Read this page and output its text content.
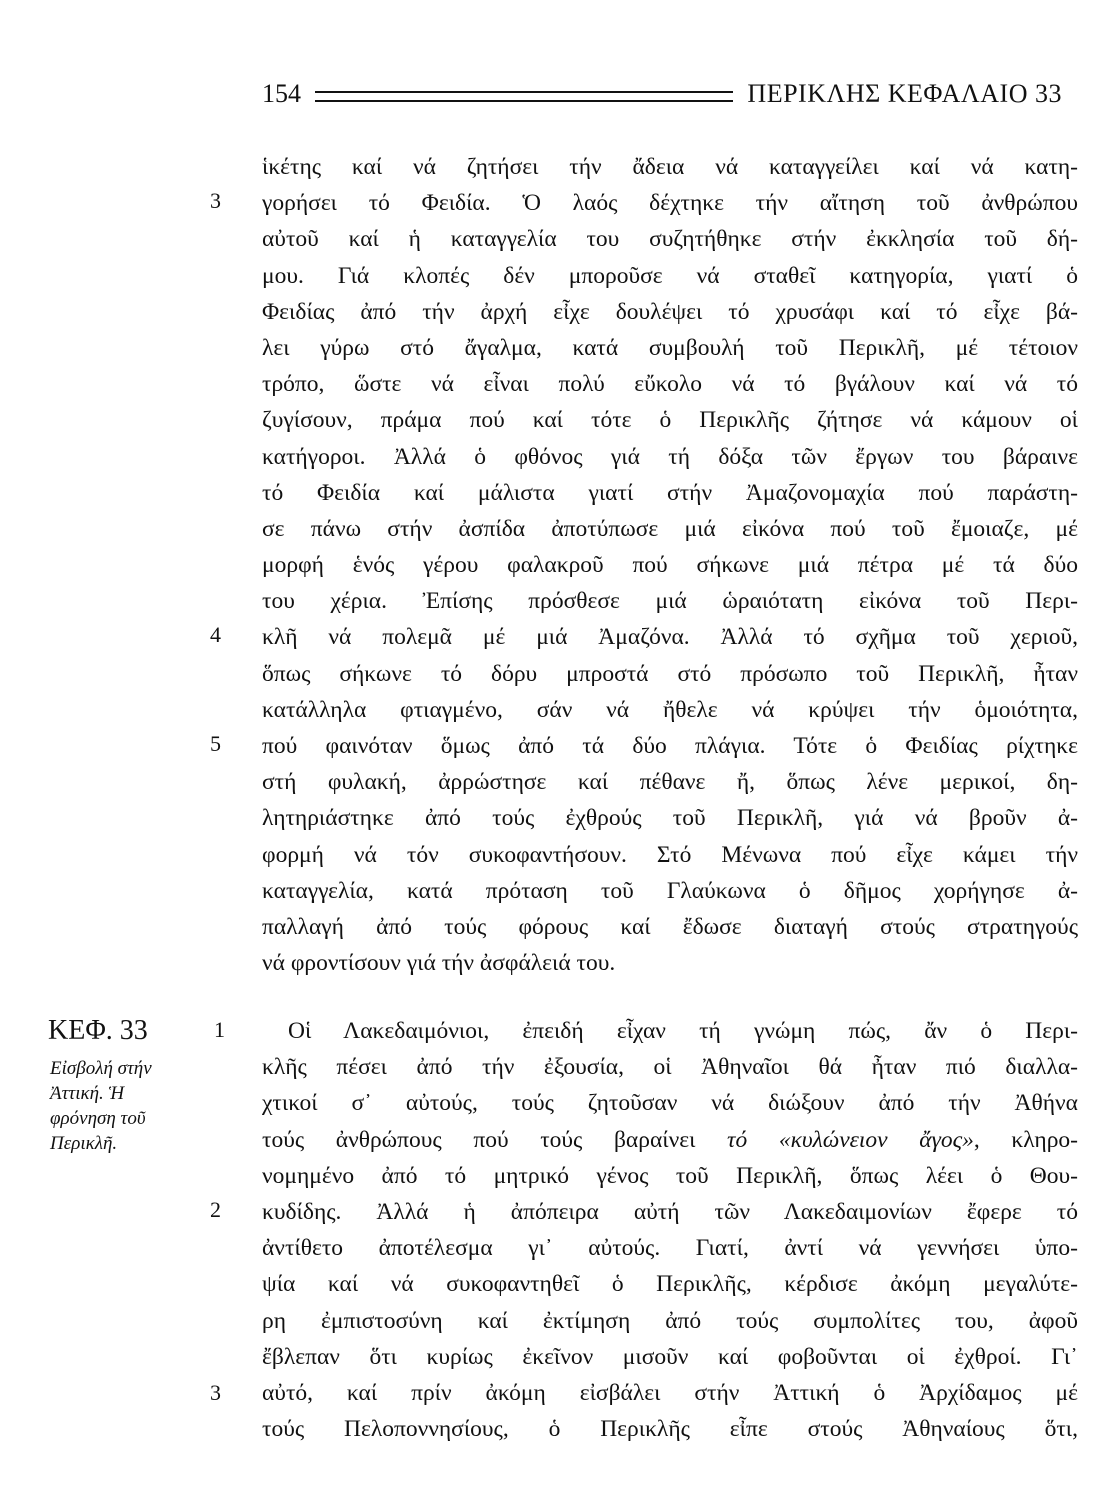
154	ΠΕΡΙΚΛΗΣ ΚΕΦΑΛΑΙΟ 33
ἱκέτης καί νά ζητήσει τήν ἄδεια νά καταγγείλει καί νά κατη-
γορήσει τό Φειδία. Ὁ λαός δέχτηκε τήν αἴτηση τοῦ ἀνθρώπου
αὐτοῦ καί ἡ καταγγελία του συζητήθηκε στήν ἐκκλησία τοῦ δή-
μου. Γιά κλοπές δέν μποροῦσε νά σταθεῖ κατηγορία, γιατί ὁ
Φειδίας ἀπό τήν ἀρχή εἶχε δουλέψει τό χρυσάφι καί τό εἶχε βά-
λει γύρω στό ἄγαλμα, κατά συμβουλή τοῦ Περικλῆ, μέ τέτοιον
τρόπο, ὥστε νά εἶναι πολύ εὔκολο νά τό βγάλουν καί νά τό
ζυγίσουν, πράμα πού καί τότε ὁ Περικλῆς ζήτησε νά κάμουν οἱ
κατήγοροι. Ἀλλά ὁ φθόνος γιά τή δόξα τῶν ἔργων του βάραινε
τό Φειδία καί μάλιστα γιατί στήν Ἀμαζονομαχία πού παράστη-
σε πάνω στήν ἀσπίδα ἀποτύπωσε μιά εἰκόνα πού τοῦ ἔμοιαζε, μέ
μορφή ἑνός γέρου φαλακροῦ πού σήκωνε μιά πέτρα μέ τά δύο
του χέρια. Ἐπίσης πρόσθεσε μιά ὡραιότατη εἰκόνα τοῦ Περι-
κλῆ νά πολεμᾶ μέ μιά Ἀμαζόνα. Ἀλλά τό σχῆμα τοῦ χεριοῦ,
ὅπως σήκωνε τό δόρυ μπροστά στό πρόσωπο τοῦ Περικλῆ, ἦταν
κατάλληλα φτιαγμένο, σάν νά ἤθελε νά κρύψει τήν ὁμοιότητα,
πού φαινόταν ὅμως ἀπό τά δύο πλάγια. Τότε ὁ Φειδίας ρίχτηκε
στή φυλακή, ἀρρώστησε καί πέθανε ἤ, ὅπως λένε μερικοί, δη-
λητηριάστηκε ἀπό τούς ἐχθρούς τοῦ Περικλῆ, γιά νά βροῦν ἀ-
φορμή νά τόν συκοφαντήσουν. Στό Μένωνα πού εἶχε κάμει τήν
καταγγελία, κατά πρόταση τοῦ Γλαύκωνα ὁ δῆμος χορήγησε ἀ-
παλλαγή ἀπό τούς φόρους καί ἔδωσε διαταγή στούς στρατηγούς
νά φροντίσουν γιά τήν ἀσφάλειά του.
3
4
5
ΚΕΦ. 33
Εἰσβολή στήν
Ἀττική. Ἡ
φρόνηση τοῦ
Περικλῆ.
Οἱ Λακεδαιμόνιοι, ἐπειδή εἶχαν τή γνώμη πώς, ἄν ὁ Περι-
κλῆς πέσει ἀπό τήν ἐξουσία, οἱ Ἀθηναῖοι θά ἦταν πιό διαλλα-
χτικοί σ᾽ αὐτούς, τούς ζητοῦσαν νά διώξουν ἀπό τήν Ἀθήνα
τούς ἀνθρώπους πού τούς βαραίνει τό «κυλώνειον ἄγος», κληρο-
νομημένο ἀπό τό μητρικό γένος τοῦ Περικλῆ, ὅπως λέει ὁ Θου-
κυδίδης. Ἀλλά ἡ ἀπόπειρα αὐτή τῶν Λακεδαιμονίων ἔφερε τό
ἀντίθετο ἀποτέλεσμα γι᾽ αὐτούς. Γιατί, ἀντί νά γεννήσει ὑπο-
ψία καί νά συκοφαντηθεῖ ὁ Περικλῆς, κέρδισε ἀκόμη μεγαλύτε-
ρη ἐμπιστοσύνη καί ἐκτίμηση ἀπό τούς συμπολίτες του, ἀφοῦ
ἔβλεπαν ὅτι κυρίως ἐκεῖνον μισοῦν καί φοβοῦνται οἱ ἐχθροί. Γι᾽
αὐτό, καί πρίν ἀκόμη εἰσβάλει στήν Ἀττική ὁ Ἀρχίδαμος μέ
τούς Πελοποννησίους, ὁ Περικλῆς εἶπε στούς Ἀθηναίους ὅτι,
1
2
3
